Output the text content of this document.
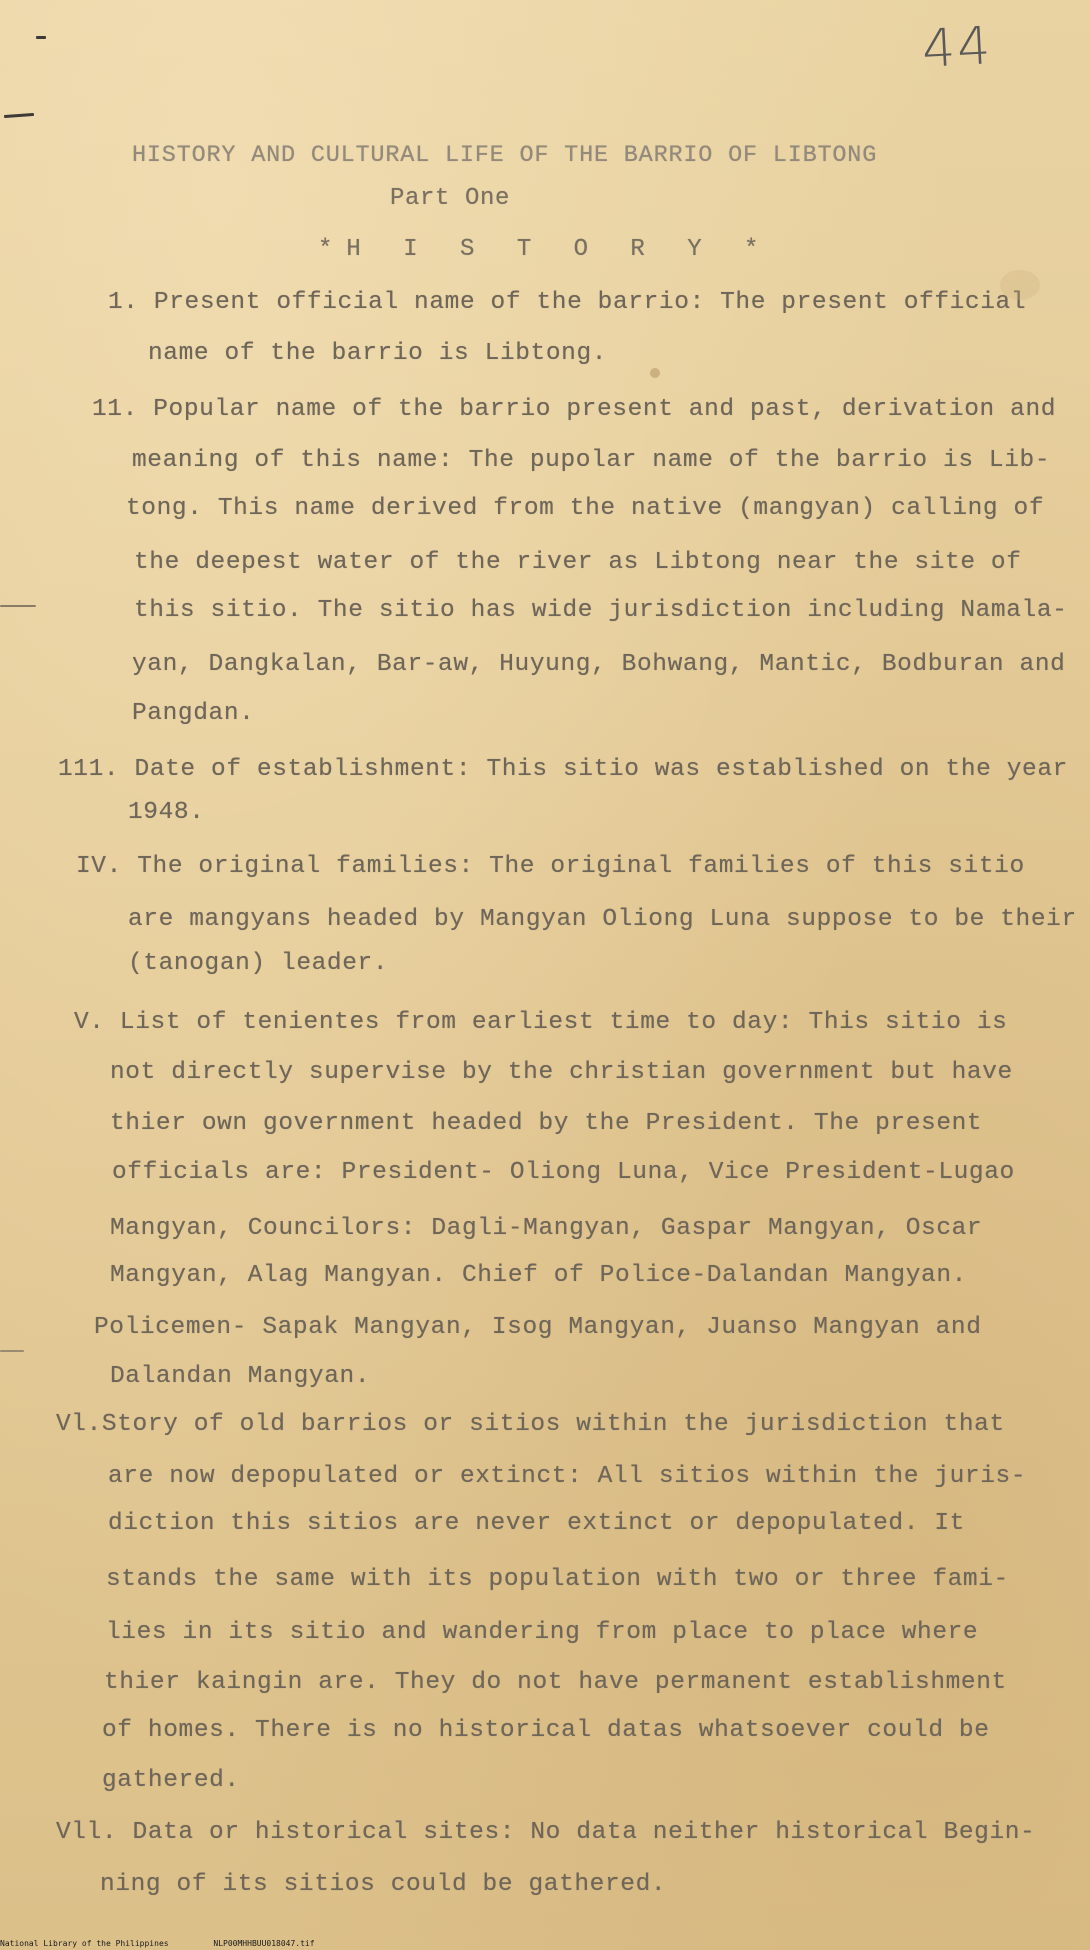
44
HISTORY AND CULTURAL LIFE OF THE BARRIO OF LIBTONG
Part One
*H I S T O R Y *
1. Present official name of the barrio: The present official
name of the barrio is Libtong.
11. Popular name of the barrio present and past, derivation and
meaning of this name: The pupolar name of the barrio is Lib-
tong. This name derived from the native (mangyan) calling of
the deepest water of the river as Libtong near the site of
this sitio. The sitio has wide jurisdiction including Namala-
yan, Dangkalan, Bar-aw, Huyung, Bohwang, Mantic, Bodburan and
Pangdan.
111. Date of establishment: This sitio was established on the year
1948.
IV. The original families: The original families of this sitio
are mangyans headed by Mangyan Oliong Luna suppose to be their
(tanogan) leader.
V. List of tenientes from earliest time to day: This sitio is
not directly supervise by the christian government but have
thier own government headed by the President. The present
officials are: President- Oliong Luna, Vice President-Lugao
Mangyan, Councilors: Dagli-Mangyan, Gaspar Mangyan, Oscar
Mangyan, Alag Mangyan. Chief of Police-Dalandan Mangyan.
Policemen- Sapak Mangyan, Isog Mangyan, Juanso Mangyan and
Dalandan Mangyan.
Vl.Story of old barrios or sitios within the jurisdiction that
are now depopulated or extinct: All sitios within the juris-
diction this sitios are never extinct or depopulated. It
stands the same with its population with two or three fami-
lies in its sitio and wandering from place to place where
thier kaingin are. They do not have permanent establishment
of homes. There is no historical datas whatsoever could be
gathered.
Vll. Data or historical sites: No data neither historical Begin-
ning of its sitios could be gathered.
National Library of the Philippines	NLP00MHHBUU018047.tif
